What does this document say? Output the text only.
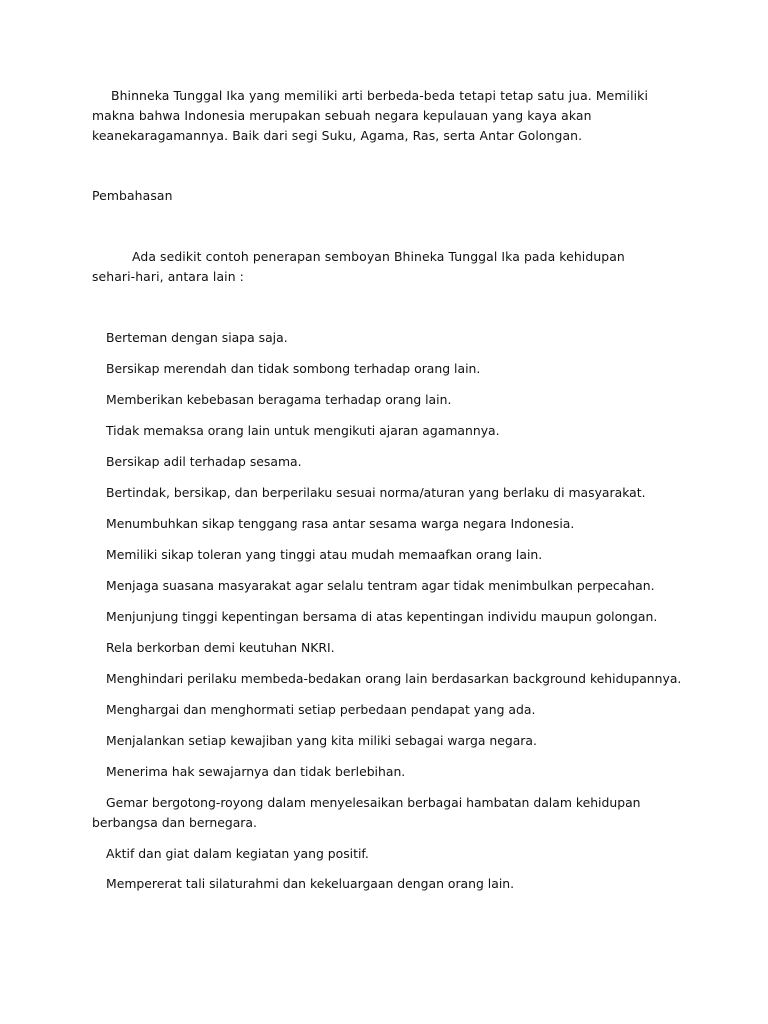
Bhinneka Tunggal Ika yang memiliki arti berbeda-beda tetapi tetap satu jua. Memiliki makna bahwa Indonesia merupakan sebuah negara kepulauan yang kaya akan keanekaragamannya. Baik dari segi Suku, Agama, Ras, serta Antar Golongan.

Pembahasan

Ada sedikit contoh penerapan semboyan Bhineka Tunggal Ika pada kehidupan sehari-hari, antara lain :

Berteman dengan siapa saja.

Bersikap merendah dan tidak sombong terhadap orang lain.

Memberikan kebebasan beragama terhadap orang lain.

Tidak memaksa orang lain untuk mengikuti ajaran agamannya.

Bersikap adil terhadap sesama.

Bertindak, bersikap, dan berperilaku sesuai norma/aturan yang berlaku di masyarakat.

Menumbuhkan sikap tenggang rasa antar sesama warga negara Indonesia.

Memiliki sikap toleran yang tinggi atau mudah memaafkan orang lain.

Menjaga suasana masyarakat agar selalu tentram agar tidak menimbulkan perpecahan.

Menjunjung tinggi kepentingan bersama di atas kepentingan individu maupun golongan.

Rela berkorban demi keutuhan NKRI.

Menghindari perilaku membeda-bedakan orang lain berdasarkan background kehidupannya.

Menghargai dan menghormati setiap perbedaan pendapat yang ada.

Menjalankan setiap kewajiban yang kita miliki sebagai warga negara.

Menerima hak sewajarnya dan tidak berlebihan.

Gemar bergotong-royong dalam menyelesaikan berbagai hambatan dalam kehidupan berbangsa dan bernegara.

Aktif dan giat dalam kegiatan yang positif.

Mempererat tali silaturahmi dan kekeluargaan dengan orang lain.
